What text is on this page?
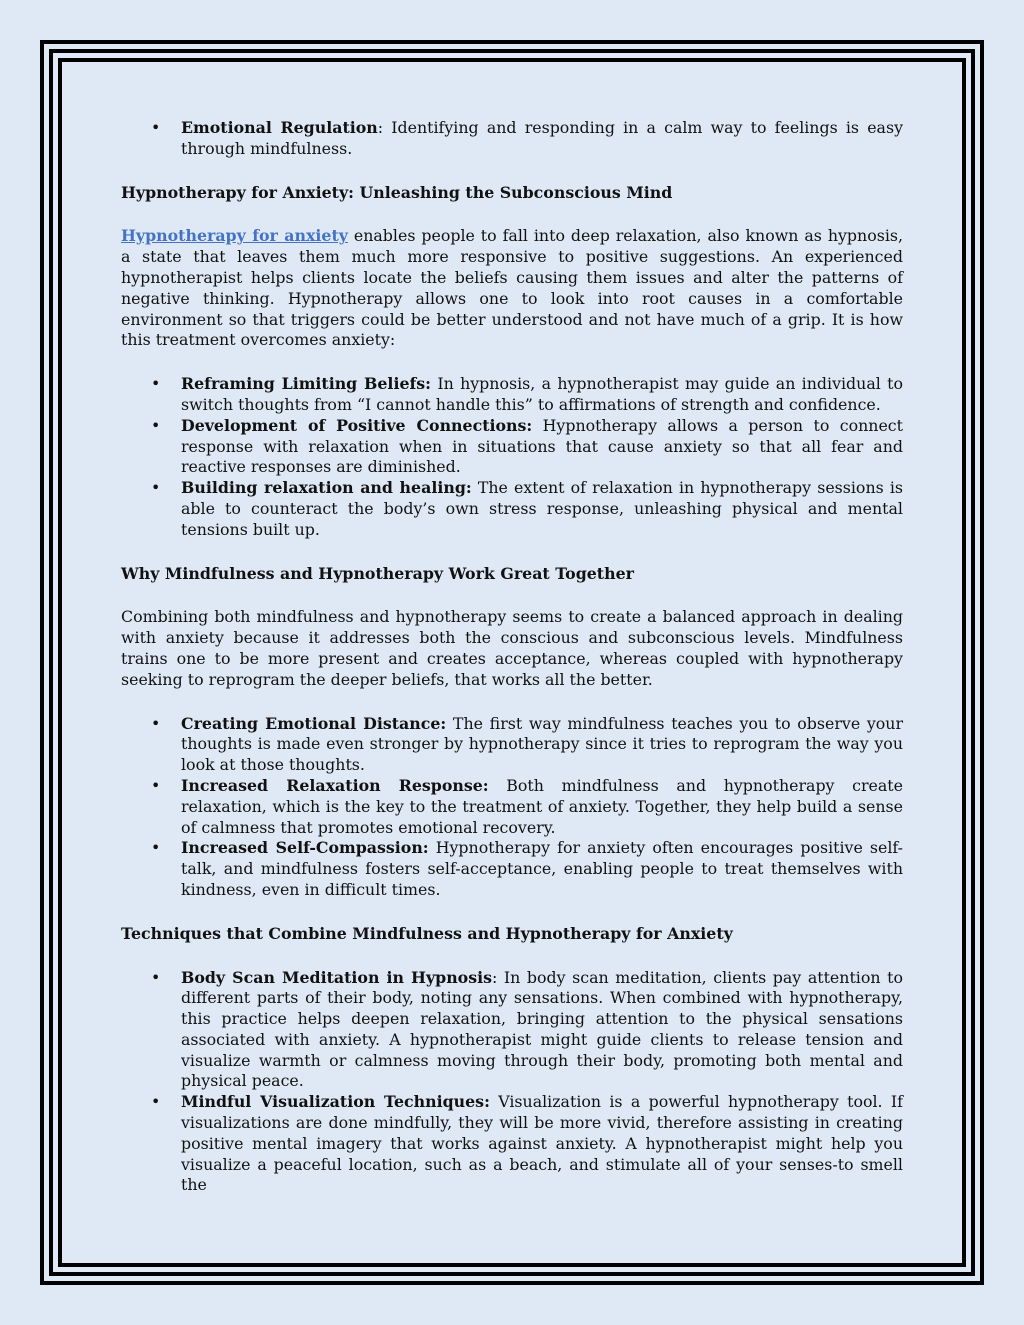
• Emotional Regulation: Identifying and responding in a calm way to feelings is easy through mindfulness.
Hypnotherapy for Anxiety: Unleashing the Subconscious Mind

Hypnotherapy for anxiety enables people to fall into deep relaxation, also known as hypnosis, a state that leaves them much more responsive to positive suggestions. An experienced hypnotherapist helps clients locate the beliefs causing them issues and alter the patterns of negative thinking. Hypnotherapy allows one to look into root causes in a comfortable environment so that triggers could be better understood and not have much of a grip. It is how this treatment overcomes anxiety:

• Reframing Limiting Beliefs: In hypnosis, a hypnotherapist may guide an individual to switch thoughts from “I cannot handle this” to affirmations of strength and confidence.
• Development of Positive Connections: Hypnotherapy allows a person to connect response with relaxation when in situations that cause anxiety so that all fear and reactive responses are diminished.
• Building relaxation and healing: The extent of relaxation in hypnotherapy sessions is able to counteract the body’s own stress response, unleashing physical and mental tensions built up.
Why Mindfulness and Hypnotherapy Work Great Together

Combining both mindfulness and hypnotherapy seems to create a balanced approach in dealing with anxiety because it addresses both the conscious and subconscious levels. Mindfulness trains one to be more present and creates acceptance, whereas coupled with hypnotherapy seeking to reprogram the deeper beliefs, that works all the better.

• Creating Emotional Distance: The first way mindfulness teaches you to observe your thoughts is made even stronger by hypnotherapy since it tries to reprogram the way you look at those thoughts.
• Increased Relaxation Response: Both mindfulness and hypnotherapy create relaxation, which is the key to the treatment of anxiety. Together, they help build a sense of calmness that promotes emotional recovery.
• Increased Self-Compassion: Hypnotherapy for anxiety often encourages positive self-talk, and mindfulness fosters self-acceptance, enabling people to treat themselves with kindness, even in difficult times.
Techniques that Combine Mindfulness and Hypnotherapy for Anxiety
• Body Scan Meditation in Hypnosis: In body scan meditation, clients pay attention to different parts of their body, noting any sensations. When combined with hypnotherapy, this practice helps deepen relaxation, bringing attention to the physical sensations associated with anxiety. A hypnotherapist might guide clients to release tension and visualize warmth or calmness moving through their body, promoting both mental and physical peace.
• Mindful Visualization Techniques: Visualization is a powerful hypnotherapy tool. If visualizations are done mindfully, they will be more vivid, therefore assisting in creating positive mental imagery that works against anxiety. A hypnotherapist might help you visualize a peaceful location, such as a beach, and stimulate all of your senses-to smell the
